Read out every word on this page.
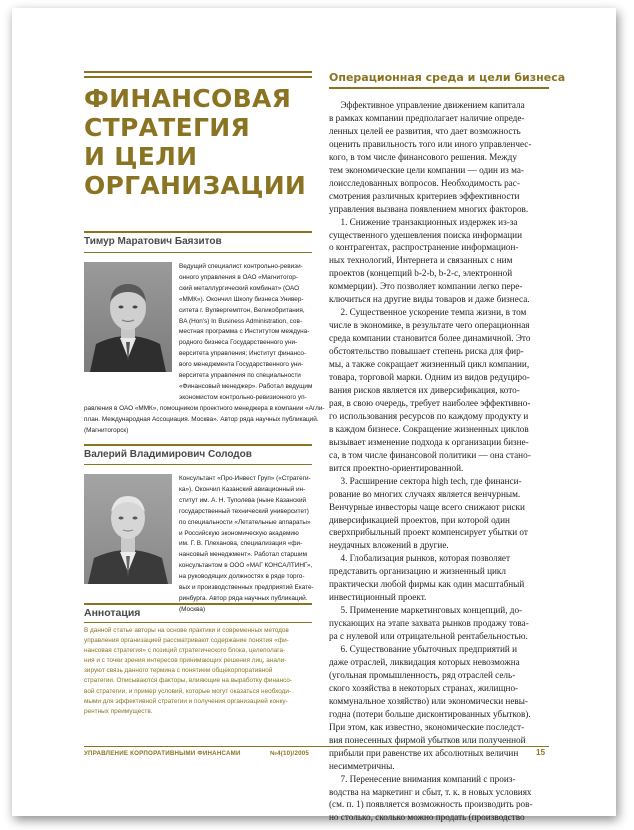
ФИНАНСОВАЯ
СТРАТЕГИЯ
И ЦЕЛИ
ОРГАНИЗАЦИИ
Тимур Маратович Баязитов

Ведущий специалист контрольно-ревизи-
онного управления в ОАО «Магнитогор-
ский металлургический комбинат» (ОАО
«ММК»). Окончил Школу бизнеса Универ-
ситета г. Вулвергемптон, Великобритания,
BA (Hon's) In Business Administration, сов-
местная программа с Институтом междуна-
родного бизнеса Государственного уни-
верситета управления; Институт финансо-
вого менеджмента Государственного уни-
верситета управления по специальности
«Финансовый менеджер». Работал ведущим

экономистом контрольно-ревизионного уп-
равления в ОАО «ММК», помощником проектного менеджера в компании «Агли-
план. Международная Ассоциация. Москва». Автор ряда научных публикаций.
(Магнитогорск)

Валерий Владимирович Солодов

Консультант «Про-Инвест Груп» («Стратеги-
ка»). Окончил Казанский авиационный ин-
ститут им. А. Н. Туполева (ныне Казанский
государственный технический университет)
по специальности «Летательные аппараты»
и Российскую экономическую академию
им. Г. В. Плеханова, специализация «фи-
нансовый менеджмент». Работал старшим
консультантом в ООО «МАГ КОНСАЛТИНГ»,
на руководящих должностях в ряде торго-
вых и производственных предприятий Екате-
ринбурга. Автор ряда научных публикаций.
(Москва)

Аннотация

В данной статье авторы на основе практики и современных методов
управления организацией рассматривают содержание понятия «фи-
нансовая стратегия» с позиций стратегического блока, целеполага-
ния и с точки зрения интересов принимающих решения лиц, анали-
зируют связь данного термина с понятием общекорпоративной
стратегии. Описываются факторы, влияющие на выработку финансо-
вой стратегии, и пример условий, которые могут оказаться необходи-
мыми для эффективной стратегии и получения организацией конку-
рентных преимуществ.

Операционная среда и цели бизнеса
Эффективное управление движением капитала
в рамках компании предполагает наличие опреде-
ленных целей ее развития, что дает возможность
оценить правильность того или иного управленчес-
кого, в том числе финансового решения. Между
тем экономические цели компании — один из ма-
лоисследованных вопросов. Необходимость рас-
смотрения различных критериев эффективности
управления вызвана появлением многих факторов.
1. Снижение транзакционных издержек из-за
существенного удешевления поиска информации
о контрагентах, распространение информацион-
ных технологий, Интернета и связанных с ним
проектов (концепций b-2-b, b-2-c, электронной
коммерции). Это позволяет компании легко пере-
ключиться на другие виды товаров и даже бизнеса.
2. Существенное ускорение темпа жизни, в том
числе в экономике, в результате чего операционная
среда компании становится более динамичной. Это
обстоятельство повышает степень риска для фир-
мы, а также сокращает жизненный цикл компании,
товара, торговой марки. Одним из видов редуциро-
вания рисков является их диверсификация, кото-
рая, в свою очередь, требует наиболее эффективно-
го использования ресурсов по каждому продукту и
в каждом бизнесе. Сокращение жизненных циклов
вызывает изменение подхода к организации бизне-
са, в том числе финансовой политики — она стано-
вится проектно-ориентированной.
3. Расширение сектора high tech, где финанси-
рование во многих случаях является венчурным.
Венчурные инвесторы чаще всего снижают риски
диверсификацией проектов, при которой один
сверхприбыльный проект компенсирует убытки от
неудачных вложений в другие.
4. Глобализация рынков, которая позволяет
представить организацию и жизненный цикл
практически любой фирмы как один масштабный
инвестиционный проект.
5. Применение маркетинговых концепций, до-
пускающих на этапе захвата рынков продажу това-
ра с нулевой или отрицательной рентабельностью.
6. Существование убыточных предприятий и
даже отраслей, ликвидация которых невозможна
(угольная промышленность, ряд отраслей сель-
ского хозяйства в некоторых странах, жилищно-
коммунальное хозяйство) или экономически невы-
годна (потери больше дисконтированных убытков).
При этом, как известно, экономические последст-
вия понесенных фирмой убытков или полученной
прибыли при равенстве их абсолютных величин
несимметричны.
7. Перенесение внимания компаний с произ-
водства на маркетинг и сбыт, т. к. в новых условиях
(см. п. 1) появляется возможность производить ров-
но столько, сколько можно продать (производство
УПРАВЛЕНИЕ КОРПОРАТИВНЫМИ ФИНАНСАМИ	№4(10)/2005	15
